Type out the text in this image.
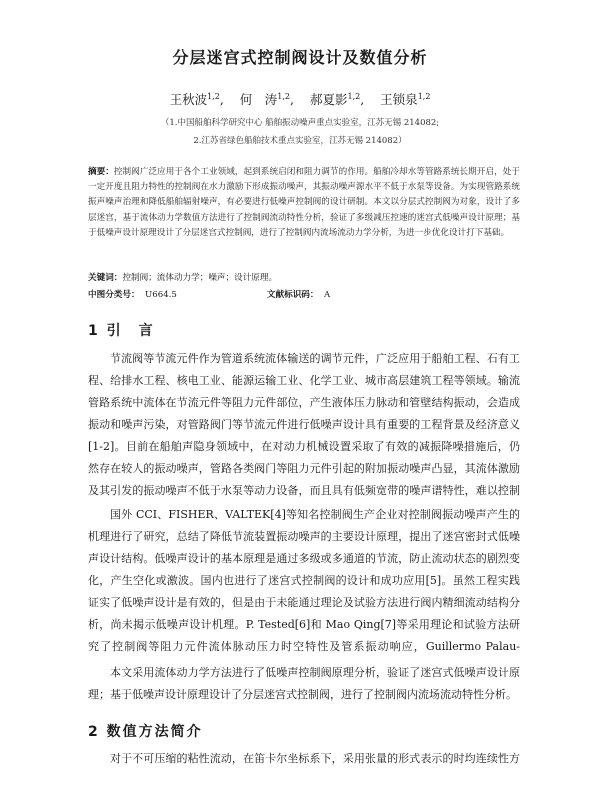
分层迷宫式控制阀设计及数值分析

王秋波$^{1,2}$, 何　涛$^{1,2}$, 郝夏影$^{1,2}$, 王锁泉$^{1,2}$

（1.中国船舶科学研究中心 船舶振动噪声重点实验室，江苏无锡 214082;

2.江苏省绿色船舶技术重点实验室，江苏无锡 214082）

摘要：控制阀广泛应用于各个工业领域，起到系统启闭和阻力调节的作用。船舶冷却水等管路系统长期开启，处于一定开度且阻力特性的控制阀在水力激励下形成振动噪声，其振动噪声源水平不低于水泵等设备。为实现管路系统振声噪声治理和降低船舶辐射噪声，有必要进行低噪声控制阀的设计研制。本文以分层式控制阀为对象，设计了多层迷宫，基于流体动力学数值方法进行了控制阀流动特性分析，验证了多级减压控速的迷宫式低噪声设计原理；基于低噪声设计原理设计了分层迷宫式控制阀，进行了控制阀内流场流动力学分析，为进一步优化设计打下基础。

关键词：控制阀；流体动力学；噪声；设计原理。

中图分类号： U664.5	文献标识码： A

1 引　言

节流阀等节流元件作为管道系统流体输送的调节元件，广泛应用于船舶工程、石有工程、给排水工程、核电工业、能源运输工业、化学工业、城市高层建筑工程等领域。输流管路系统中流体在节流元件等阻力元件部位，产生液体压力脉动和管壁结构振动，会造成振动和噪声污染，对管路阀门等节流元件进行低噪声设计具有重要的工程背景及经济意义[1-2]。目前在船舶声隐身领域中，在对动力机械设置采取了有效的减振降噪措施后，仍然存在较人的振动噪声，管路各类阀门等阻力元件引起的附加振动噪声凸显，其流体激励及其引发的振动噪声不低于水泵等动力设备，而且具有低频宽带的噪声谱特性，难以控制

国外 CCI、FISHER、VALTEK[4]等知名控制阀生产企业对控制阀振动噪声产生的机理进行了研究，总结了降低节流装置振动噪声的主要设计原理，提出了迷宫密封式低噪声设计结构。低噪声设计的基本原理是通过多级或多通道的节流，防止流动状态的剧烈变化，产生空化或激波。国内也进行了迷宫式控制阀的设计和成功应用[5]。虽然工程实践证实了低噪声设计是有效的，但是由于未能通过理论及试验方法进行阀内精细流动结构分析，尚未揭示低噪声设计机理。P. Tested[6]和 Mao Qing[7]等采用理论和试验方法研究了控制阀等阻力元件流体脉动压力时空特性及管系振动响应，Guillermo Palau-

本文采用流体动力学方法进行了低噪声控制阀原理分析，验证了迷宫式低噪声设计原理；基于低噪声设计原理设计了分层迷宫式控制阀，进行了控制阀内流场流动特性分析。

2 数值方法简介

对于不可压缩的粘性流动，在笛卡尔坐标系下，采用张量的形式表示的时均连续性方
